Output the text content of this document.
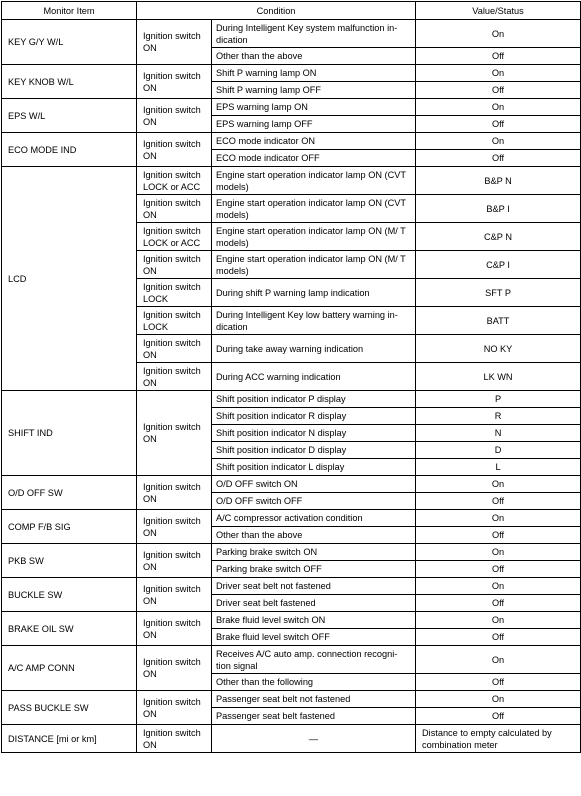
Monitor Item	Condition		Value/Status
KEY G/Y W/L	Ignition switch ON	During Intelligent Key system malfunction in-dication	On
		Other than the above	Off
KEY KNOB W/L	Ignition switch ON	Shift P warning lamp ON	On
		Shift P warning lamp OFF	Off
EPS W/L	Ignition switch ON	EPS warning lamp ON	On
		EPS warning lamp OFF	Off
ECO MODE IND	Ignition switch ON	ECO mode indicator ON	On
		ECO mode indicator OFF	Off
LCD	Ignition switch LOCK or ACC	Engine start operation indicator lamp ON (CVT models)	B&P N
	Ignition switch ON	Engine start operation indicator lamp ON (CVT models)	B&P I
	Ignition switch LOCK or ACC	Engine start operation indicator lamp ON (M/ T models)	C&P N
	Ignition switch ON	Engine start operation indicator lamp ON (M/ T models)	C&P I
	Ignition switch LOCK	During shift P warning lamp indication	SFT P
	Ignition switch LOCK	During Intelligent Key low battery warning in-dication	BATT
	Ignition switch ON	During take away warning indication	NO KY
	Ignition switch ON	During ACC warning indication	LK WN
SHIFT IND	Ignition switch ON	Shift position indicator P display	P
		Shift position indicator R display	R
		Shift position indicator N display	N
		Shift position indicator D display	D
		Shift position indicator L display	L
O/D OFF SW	Ignition switch ON	O/D OFF switch ON	On
		O/D OFF switch OFF	Off
COMP F/B SIG	Ignition switch ON	A/C compressor activation condition	On
		Other than the above	Off
PKB SW	Ignition switch ON	Parking brake switch ON	On
		Parking brake switch OFF	Off
BUCKLE SW	Ignition switch ON	Driver seat belt not fastened	On
		Driver seat belt fastened	Off
BRAKE OIL SW	Ignition switch ON	Brake fluid level switch ON	On
		Brake fluid level switch OFF	Off
A/C AMP CONN	Ignition switch ON	Receives A/C auto amp. connection recogni-tion signal	On
		Other than the following	Off
PASS BUCKLE SW	Ignition switch ON	Passenger seat belt not fastened	On
		Passenger seat belt fastened	Off
DISTANCE [mi or km]	Ignition switch ON	—	Distance to empty calculated by combination meter
